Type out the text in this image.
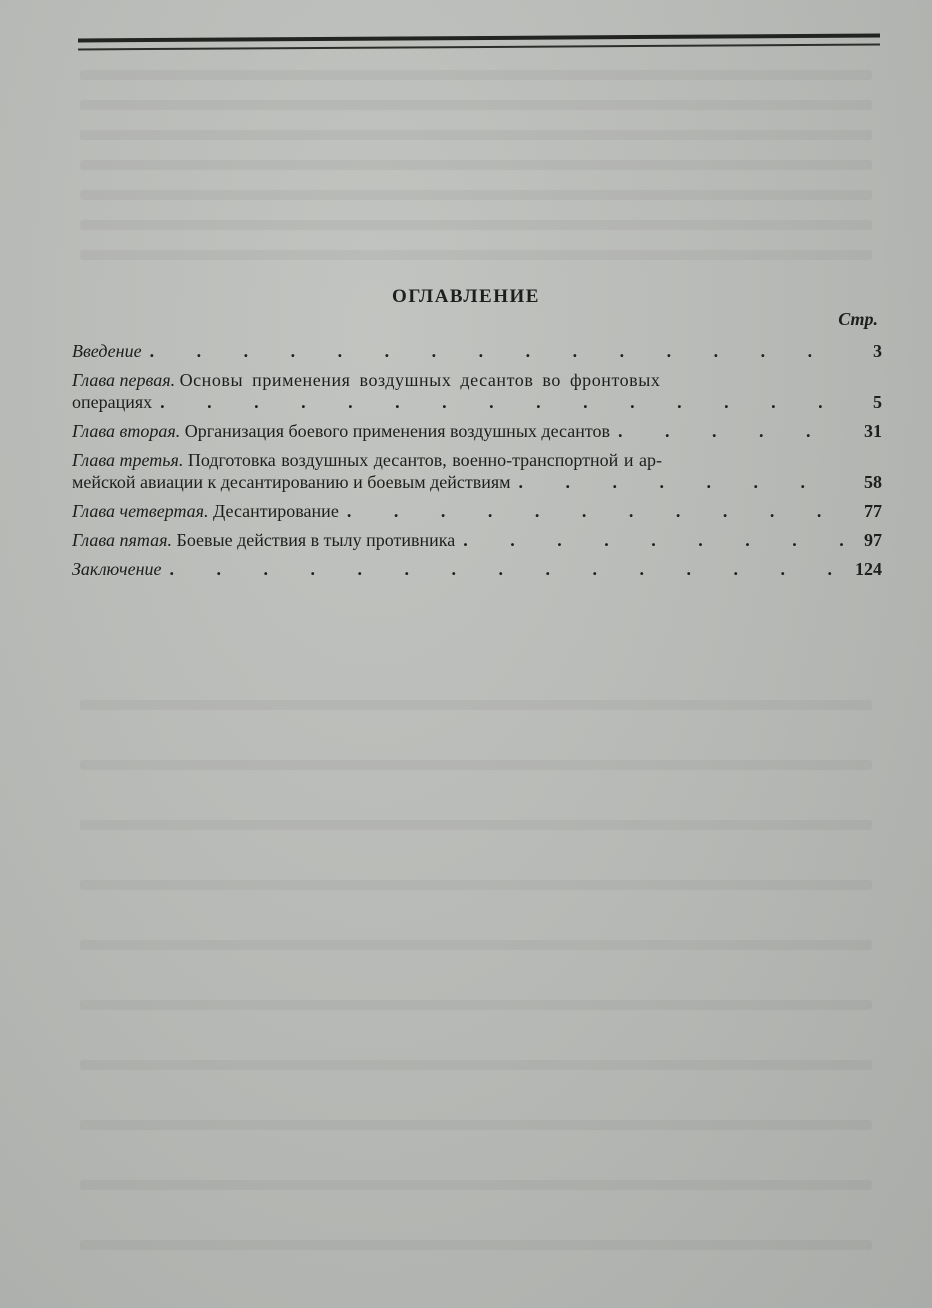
ОГЛАВЛЕНИЕ
Стр.
Введение . . .	3
Глава первая.
Основы применения воздушных десантов во фронтовых
операциях . . .	5
Глава вторая.
Организация боевого применения воздушных десантов . . .	31
Глава третья.
Подготовка воздушных десантов, военно-транспортной и ар-
мейской авиации к десантированию и боевым действиям . . .	58
Глава четвертая.
Десантирование . . .	77
Глава пятая.
Боевые действия в тылу противника . . .	97
Заключение . . .	124
